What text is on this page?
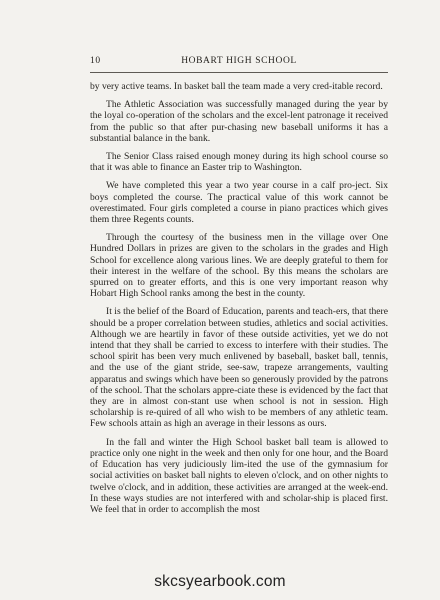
10	HOBART HIGH SCHOOL

by very active teams. In basket ball the team made a very cred-itable record.

The Athletic Association was successfully managed during the year by the loyal co-operation of the scholars and the excel-lent patronage it received from the public so that after pur-chasing new baseball uniforms it has a substantial balance in the bank.

The Senior Class raised enough money during its high school course so that it was able to finance an Easter trip to Washington.

We have completed this year a two year course in a calf pro-ject. Six boys completed the course. The practical value of this work cannot be overestimated. Four girls completed a course in piano practices which gives them three Regents counts.

Through the courtesy of the business men in the village over One Hundred Dollars in prizes are given to the scholars in the grades and High School for excellence along various lines. We are deeply grateful to them for their interest in the welfare of the school. By this means the scholars are spurred on to greater efforts, and this is one very important reason why Hobart High School ranks among the best in the county.

It is the belief of the Board of Education, parents and teach-ers, that there should be a proper correlation between studies, athletics and social activities. Although we are heartily in favor of these outside activities, yet we do not intend that they shall be carried to excess to interfere with their studies. The school spirit has been very much enlivened by baseball, basket ball, tennis, and the use of the giant stride, see-saw, trapeze arrangements, vaulting apparatus and swings which have been so generously provided by the patrons of the school. That the scholars appre-ciate these is evidenced by the fact that they are in almost con-stant use when school is not in session. High scholarship is re-quired of all who wish to be members of any athletic team. Few schools attain as high an average in their lessons as ours.

In the fall and winter the High School basket ball team is allowed to practice only one night in the week and then only for one hour, and the Board of Education has very judiciously lim-ited the use of the gymnasium for social activities on basket ball nights to eleven o'clock, and on other nights to twelve o'clock, and in addition, these activities are arranged at the week-end. In these ways studies are not interfered with and scholar-ship is placed first. We feel that in order to accomplish the most

skcsyearbook.com
